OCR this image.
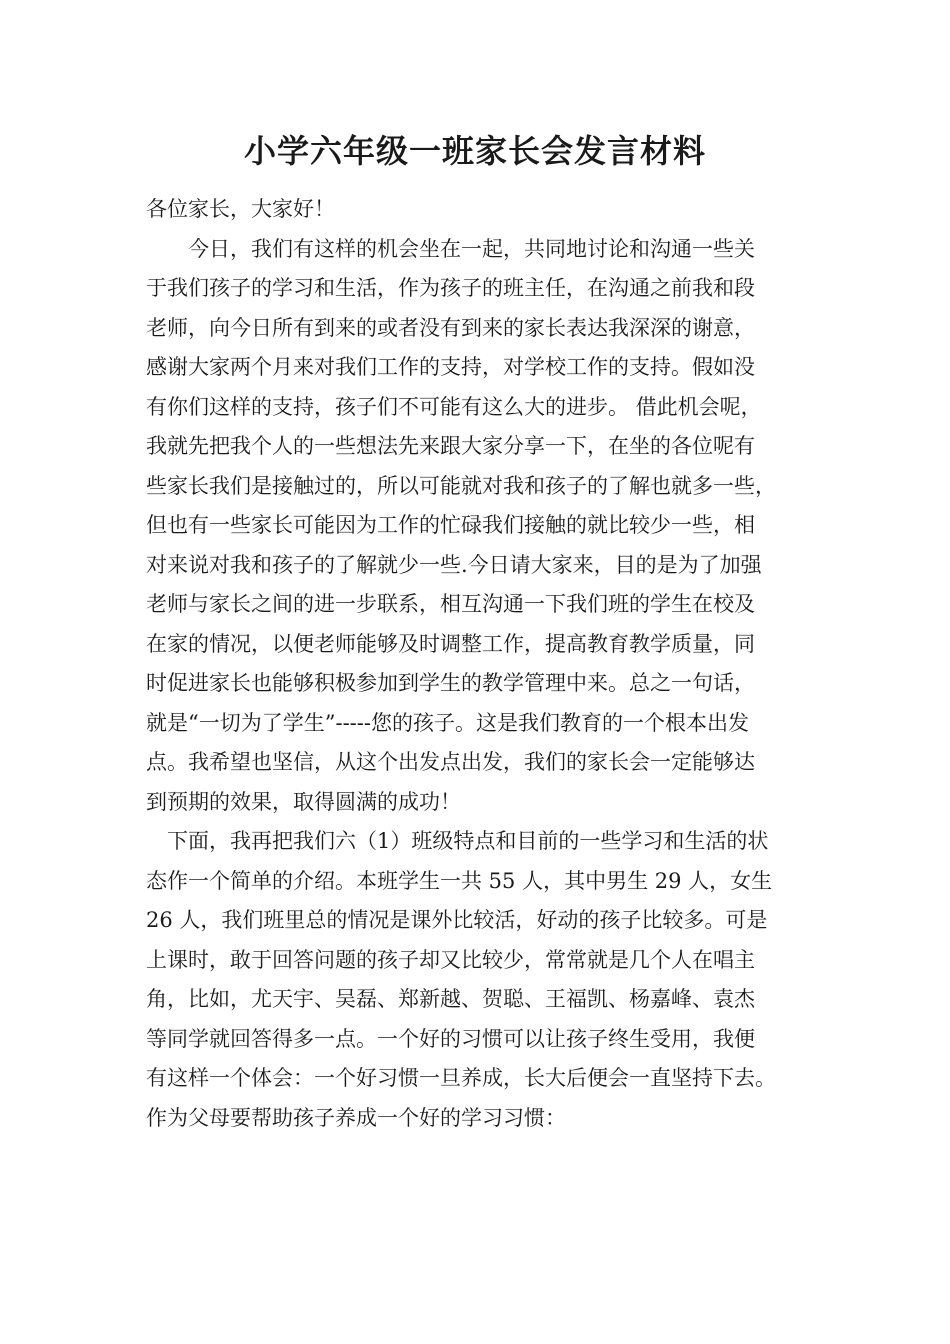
小学六年级一班家长会发言材料
各位家长，大家好！
　　今日，我们有这样的机会坐在一起，共同地讨论和沟通一些关
于我们孩子的学习和生活，作为孩子的班主任，在沟通之前我和段
老师，向今日所有到来的或者没有到来的家长表达我深深的谢意，
感谢大家两个月来对我们工作的支持，对学校工作的支持。假如没
有你们这样的支持，孩子们不可能有这么大的进步。 借此机会呢，
我就先把我个人的一些想法先来跟大家分享一下，在坐的各位呢有
些家长我们是接触过的，所以可能就对我和孩子的了解也就多一些，
但也有一些家长可能因为工作的忙碌我们接触的就比较少一些，相
对来说对我和孩子的了解就少一些.今日请大家来，目的是为了加强
老师与家长之间的进一步联系，相互沟通一下我们班的学生在校及
在家的情况，以便老师能够及时调整工作，提高教育教学质量，同
时促进家长也能够积极参加到学生的教学管理中来。总之一句话，
就是“一切为了学生”-----您的孩子。这是我们教育的一个根本出发
点。我希望也坚信，从这个出发点出发，我们的家长会一定能够达
到预期的效果，取得圆满的成功！
　下面，我再把我们六（1）班级特点和目前的一些学习和生活的状
态作一个简单的介绍。本班学生一共 55 人，其中男生 29 人，女生
26 人，我们班里总的情况是课外比较活，好动的孩子比较多。可是
上课时，敢于回答问题的孩子却又比较少，常常就是几个人在唱主
角，比如，尤天宇、吴磊、郑新越、贺聪、王福凯、杨嘉峰、袁杰
等同学就回答得多一点。一个好的习惯可以让孩子终生受用，我便
有这样一个体会：一个好习惯一旦养成，长大后便会一直坚持下去。
作为父母要帮助孩子养成一个好的学习习惯：
